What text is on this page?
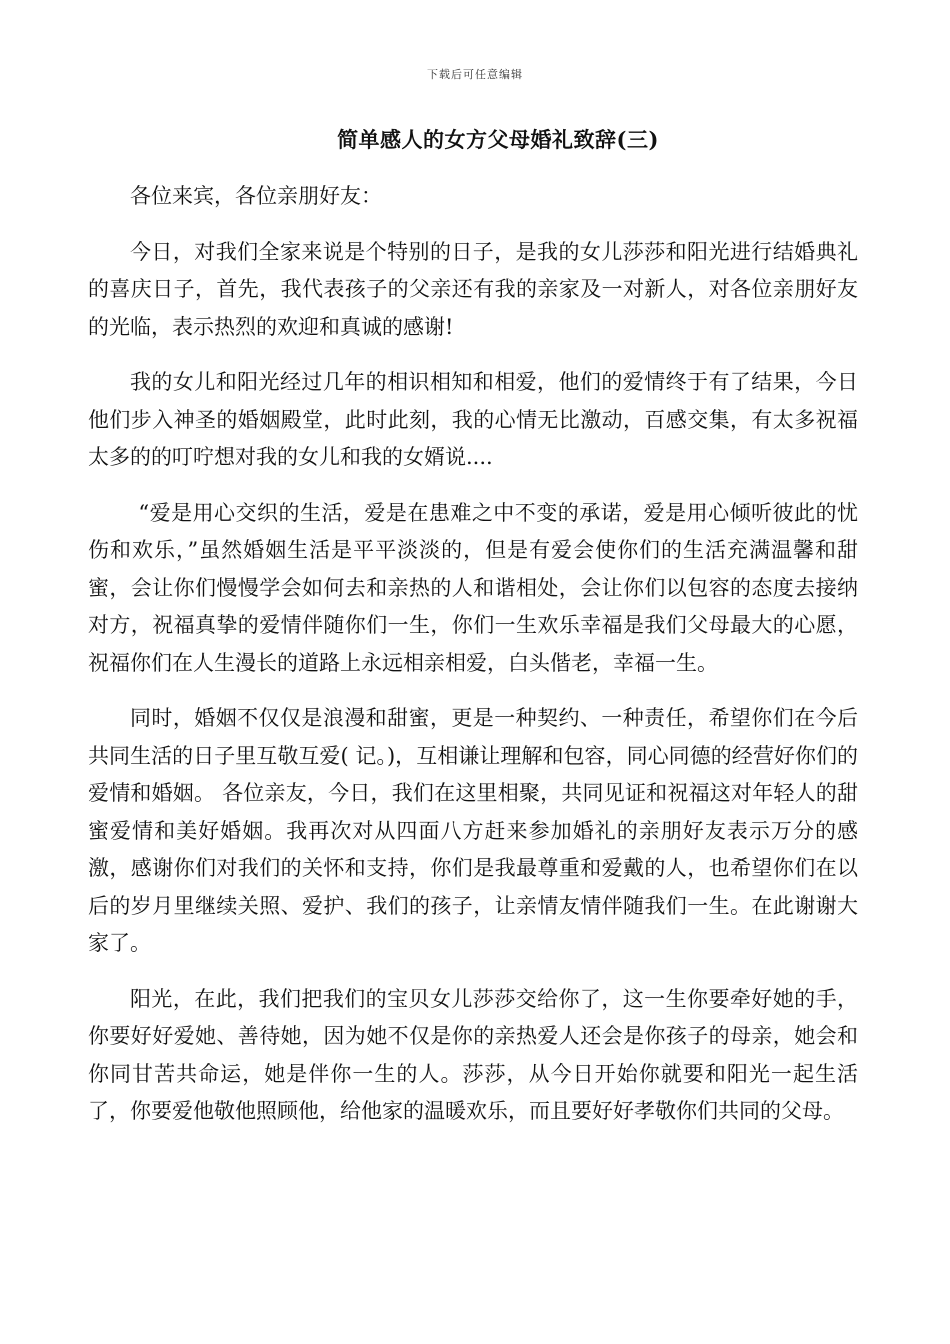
下载后可任意编辑
简单感人的女方父母婚礼致辞(三)

各位来宾，各位亲朋好友：

今日，对我们全家来说是个特别的日子，是我的女儿莎莎和阳光进行结婚典礼的喜庆日子，首先，我代表孩子的父亲还有我的亲家及一对新人，对各位亲朋好友的光临，表示热烈的欢迎和真诚的感谢!

我的女儿和阳光经过几年的相识相知和相爱，他们的爱情终于有了结果，今日他们步入神圣的婚姻殿堂，此时此刻，我的心情无比激动，百感交集，有太多祝福太多的的叮咛想对我的女儿和我的女婿说....

“爱是用心交织的生活，爱是在患难之中不变的承诺，爱是用心倾听彼此的忧伤和欢乐，”虽然婚姻生活是平平淡淡的，但是有爱会使你们的生活充满温馨和甜蜜，会让你们慢慢学会如何去和亲热的人和谐相处，会让你们以包容的态度去接纳对方，祝福真挚的爱情伴随你们一生，你们一生欢乐幸福是我们父母最大的心愿，祝福你们在人生漫长的道路上永远相亲相爱，白头偕老，幸福一生。

同时，婚姻不仅仅是浪漫和甜蜜，更是一种契约、一种责任，希望你们在今后共同生活的日子里互敬互爱( 记。)，互相谦让理解和包容，同心同德的经营好你们的爱情和婚姻。 各位亲友，今日，我们在这里相聚，共同见证和祝福这对年轻人的甜蜜爱情和美好婚姻。我再次对从四面八方赶来参加婚礼的亲朋好友表示万分的感激，感谢你们对我们的关怀和支持，你们是我最尊重和爱戴的人，也希望你们在以后的岁月里继续关照、爱护、我们的孩子，让亲情友情伴随我们一生。在此谢谢大家了。

阳光，在此，我们把我们的宝贝女儿莎莎交给你了，这一生你要牵好她的手，你要好好爱她、善待她，因为她不仅是你的亲热爱人还会是你孩子的母亲，她会和你同甘苦共命运，她是伴你一生的人。莎莎，从今日开始你就要和阳光一起生活了，你要爱他敬他照顾他，给他家的温暖欢乐，而且要好好孝敬你们共同的父母。
